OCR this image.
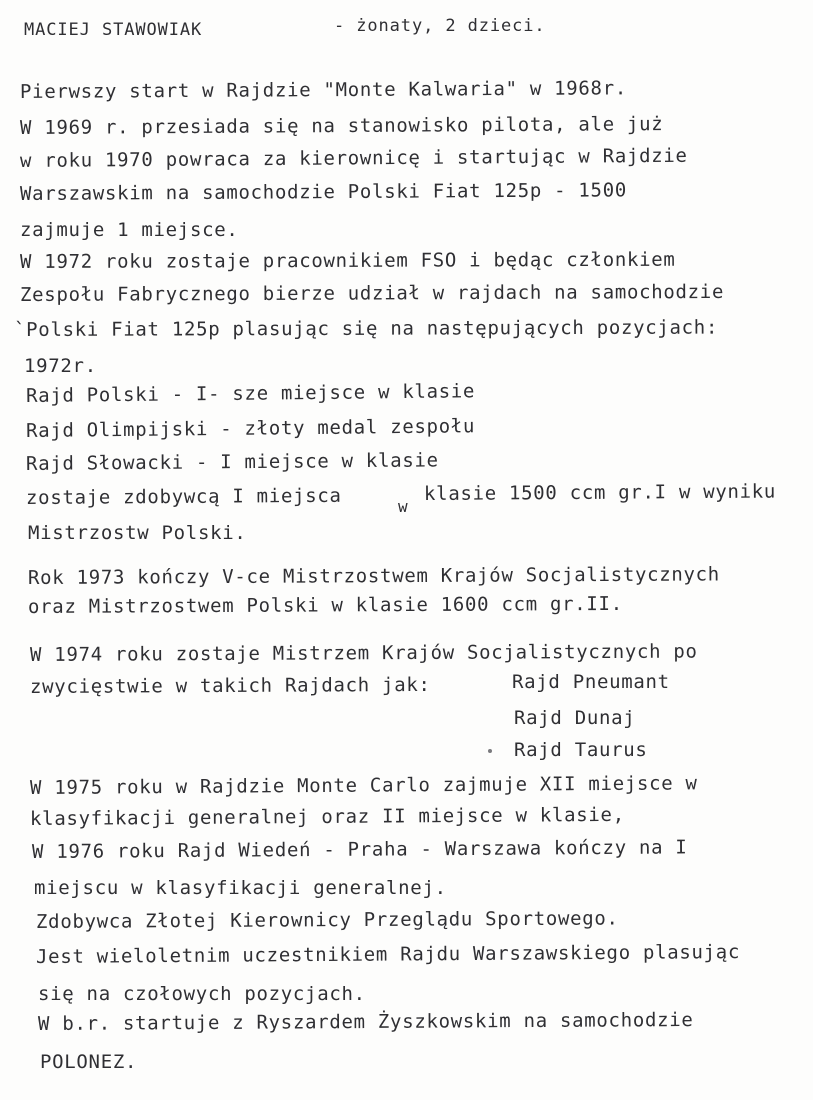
MACIEJ STAWOWIAK	- żonaty, 2 dzieci.
Pierwszy start w Rajdzie "Monte Kalwaria" w 1968r.
W 1969 r. przesiada się na stanowisko pilota, ale już
w roku 1970 powraca za kierownicę i startując w Rajdzie
Warszawskim na samochodzie Polski Fiat 125p - 1500
zajmuje 1 miejsce.
W 1972 roku zostaje pracownikiem FSO i będąc członkiem
Zespołu Fabrycznego bierze udział w rajdach na samochodzie
`Polski Fiat 125p plasując się na następujących pozycjach:
1972r.
Rajd Polski - I- sze miejsce w klasie
Rajd Olimpijski - złoty medal zespołu
Rajd Słowacki - I miejsce w klasie
zostaje zdobywcą I miejsca	w
klasie 1500 ccm gr.I w wyniku
Mistrzostw Polski.
Rok 1973 kończy V-ce Mistrzostwem Krajów Socjalistycznych
oraz Mistrzostwem Polski w klasie 1600 ccm gr.II.
W 1974 roku zostaje Mistrzem Krajów Socjalistycznych po
zwycięstwie w takich Rajdach jak:	Rajd Pneumant
Rajd Dunaj
Rajd Taurus
W 1975 roku w Rajdzie Monte Carlo zajmuje XII miejsce w
klasyfikacji generalnej oraz II miejsce w klasie,
W 1976 roku Rajd Wiedeń - Praha - Warszawa kończy na I
miejscu w klasyfikacji generalnej.
Zdobywca Złotej Kierownicy Przeglądu Sportowego.
Jest wieloletnim uczestnikiem Rajdu Warszawskiego plasując
się na czołowych pozycjach.
W b.r. startuje z Ryszardem Żyszkowskim na samochodzie
POLONEZ.
